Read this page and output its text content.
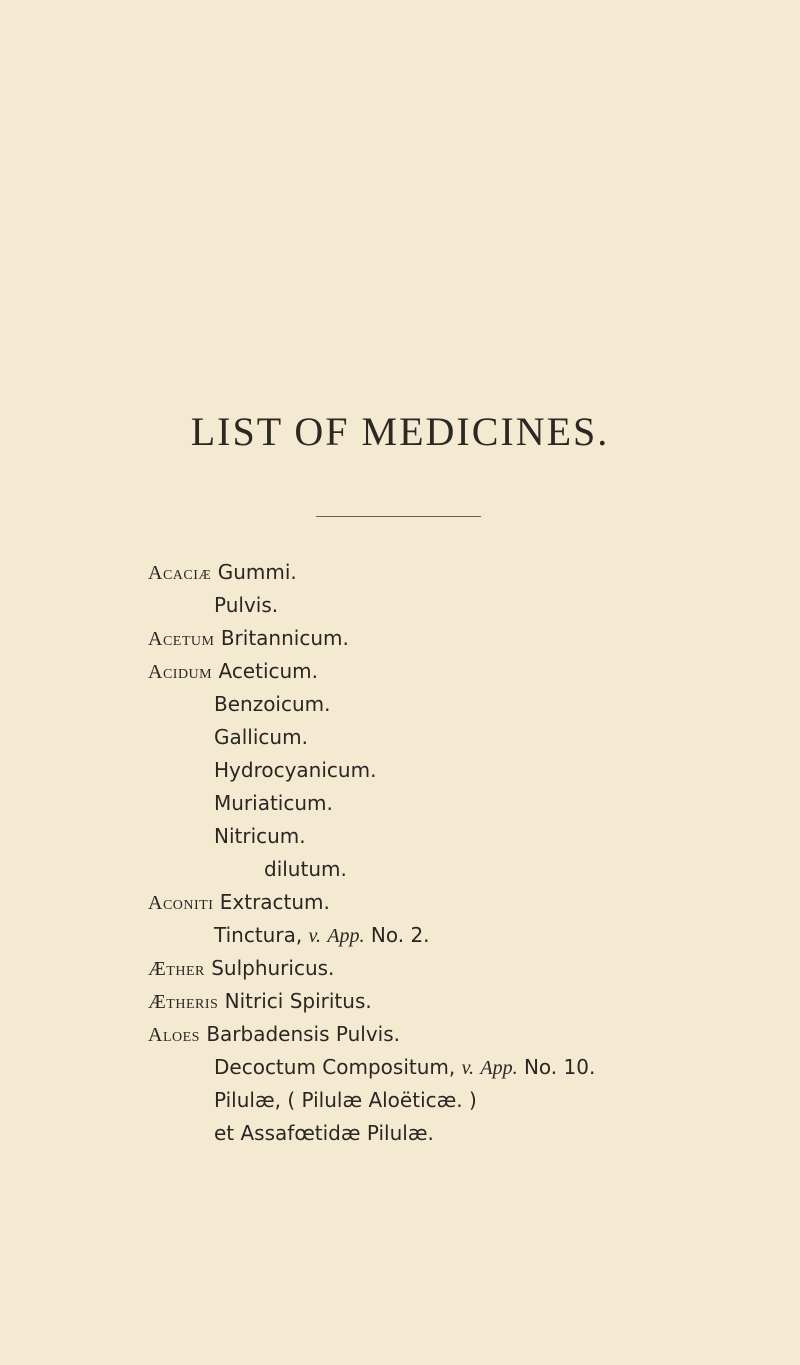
LIST OF MEDICINES.
Acaciæ Gummi.
Pulvis.
Acetum Britannicum.
Acidum Aceticum.
Benzoicum.
Gallicum.
Hydrocyanicum.
Muriaticum.
Nitricum.
dilutum.
Aconiti Extractum.
Tinctura, v. App. No. 2.
Æther Sulphuricus.
Ætheris Nitrici Spiritus.
Aloes Barbadensis Pulvis.
Decoctum Compositum, v. App. No. 10.
Pilulæ, ( Pilulæ Aloëticæ. )
et Assafœtidæ Pilulæ.
